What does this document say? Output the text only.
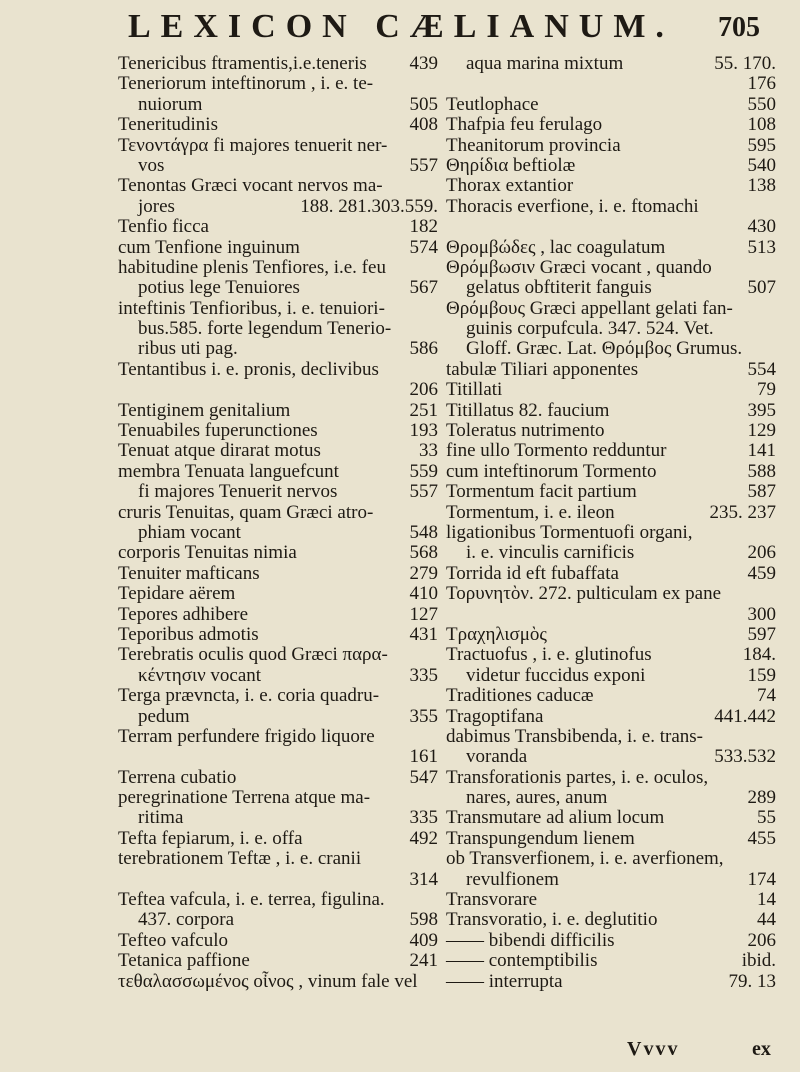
LEXICON CÆLIANUM. 705
Tenericibus ftramentis,i.e.teneris 439
Teneriorum inteftinorum , i. e. te-
nuiorum	505
Teneritudinis	408
Τενοντάγρα fi majores tenuerit ner-
vos	557
Tenontas Græci vocant nervos ma-
jores	188. 281.303.559.
Tenfio ficca	182
cum Tenfione inguinum	574
habitudine plenis Tenfiores, i.e. feu
potius lege Tenuiores	567
inteftinis Tenfioribus, i. e. tenuiori-
bus.585. forte legendum Tenerio-
ribus uti pag.	586
Tentantibus i. e. pronis, declivibus
206
Tentiginem genitalium	251
Tenuabiles fuperunctiones	193
Tenuat atque dirarat motus	33
membra Tenuata languefcunt	559
fi majores Tenuerit nervos	557
cruris Tenuitas, quam Græci atro-
phiam vocant	548
corporis Tenuitas nimia	568
Tenuiter mafticans	279
Tepidare aërem	410
Tepores adhibere	127
Teporibus admotis	431
Terebratis oculis quod Græci παρα-
κέντησιν vocant	335
Terga prævncta, i. e. coria quadru-
pedum	355
Terram perfundere frigido liquore
161
Terrena cubatio	547
peregrinatione Terrena atque ma-
ritima	335
Tefta fepiarum, i. e. offa	492
terebrationem Teftæ , i. e. cranii
314
Teftea vafcula, i. e. terrea, figulina.
437. corpora	598
Tefteo vafculo	409
Tetanica paffione	241
τεθαλασσωμένος οἶνος , vinum fale vel
aqua marina mixtum	55. 170.
176
Teutlophace	550
Thafpia feu ferulago	108
Theanitorum provincia	595
Θηρίδια beftiolæ	540
Thorax extantior	138
Thoracis everfione, i. e. ftomachi
430
Θρομβώδες , lac coagulatum	513
Θρόμβωσιν Græci vocant , quando
gelatus obftiterit fanguis	507
Θρόμβους Græci appellant gelati fan-
guinis corpufcula. 347. 524. Vet.
Gloff. Græc. Lat. Θρόμβος Grumus.
tabulæ Tiliari apponentes	554
Titillati	79
Titillatus 82. faucium	395
Toleratus nutrimento	129
fine ullo Tormento redduntur	141
cum inteftinorum Tormento	588
Tormentum facit partium	587
Tormentum, i. e. ileon	235. 237
ligationibus Tormentuofi organi,
i. e. vinculis carnificis	206
Torrida id eft fubaffata	459
Τορυνητὸν. 272. pulticulam ex pane
300
Τραχηλισμὸς	597
Tractuofus , i. e. glutinofus	184.
videtur fuccidus exponi	159
Traditiones caducæ	74
Tragoptifana	441.442
dabimus Transbibenda, i. e. trans-
voranda	533.532
Transforationis partes, i. e. oculos,
nares, aures, anum	289
Transmutare ad alium locum	55
Transpungendum lienem	455
ob Transverfionem, i. e. averfionem,
revulfionem	174
Transvorare	14
Transvoratio, i. e. deglutitio	44
—— bibendi difficilis	206
—— contemptibilis	ibid.
—— interrupta	79. 13
Vvvv	ex
